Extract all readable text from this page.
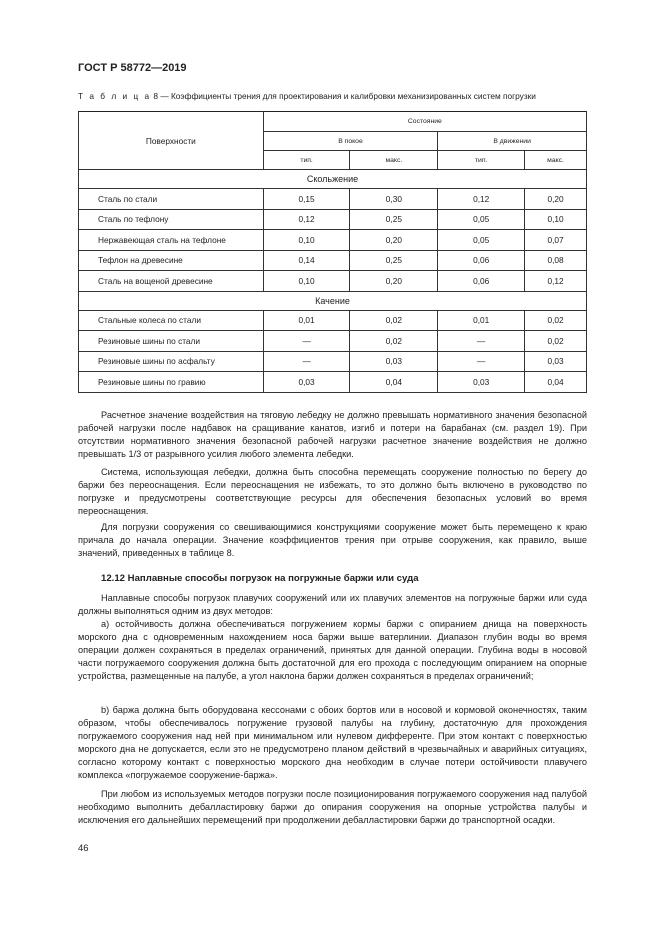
ГОСТ Р 58772—2019
Т а б л и ц а 8 — Коэффициенты трения для проектирования и калибровки механизированных систем погрузки
Поверхности	Состояние			
	В покое		В движении	
	тип.	макс.	тип.	макс.
Скольжение				
Сталь по стали	0,15	0,30	0,12	0,20
Сталь по тефлону	0,12	0,25	0,05	0,10
Нержавеющая сталь на тефлоне	0,10	0,20	0,05	0,07
Тефлон на древесине	0,14	0,25	0,06	0,08
Сталь на вощеной древесине	0,10	0,20	0,06	0,12
Качение				
Стальные колеса по стали	0,01	0,02	0,01	0,02
Резиновые шины по стали	—	0,02	—	0,02
Резиновые шины по асфальту	—	0,03	—	0,03
Резиновые шины по гравию	0,03	0,04	0,03	0,04

Расчетное значение воздействия на тяговую лебедку не должно превышать нормативного значения безопасной рабочей нагрузки после надбавок на сращивание канатов, изгиб и потери на барабанах (см. раздел 19). При отсутствии нормативного значения безопасной рабочей нагрузки расчетное значение воздействия не должно превышать 1/3 от разрывного усилия любого элемента лебедки.

Система, использующая лебедки, должна быть способна перемещать сооружение полностью по берегу до баржи без переоснащения. Если переоснащения не избежать, то это должно быть включено в руководство по погрузке и предусмотрены соответствующие ресурсы для обеспечения безопасных условий во время переоснащения.

Для погрузки сооружения со свешивающимися конструкциями сооружение может быть перемещено к краю причала до начала операции. Значение коэффициентов трения при отрыве сооружения, как правило, выше значений, приведенных в таблице 8.

12.12 Наплавные способы погрузок на погружные баржи или суда

Наплавные способы погрузок плавучих сооружений или их плавучих элементов на погружные баржи или суда должны выполняться одним из двух методов:

a) остойчивость должна обеспечиваться погружением кормы баржи с опиранием днища на поверхность морского дна с одновременным нахождением носа баржи выше ватерлинии. Диапазон глубин воды во время операции должен сохраняться в пределах ограничений, принятых для данной операции. Глубина воды в носовой части погружаемого сооружения должна быть достаточной для его прохода с последующим опиранием на опорные устройства, размещенные на палубе, а угол наклона баржи должен сохраняться в пределах ограничений;

b) баржа должна быть оборудована кессонами с обоих бортов или в носовой и кормовой оконечностях, таким образом, чтобы обеспечивалось погружение грузовой палубы на глубину, достаточную для прохождения погружаемого сооружения над ней при минимальном или нулевом дифференте. При этом контакт с поверхностью морского дна не допускается, если это не предусмотрено планом действий в чрезвычайных и аварийных ситуациях, согласно которому контакт с поверхностью морского дна необходим в случае потери остойчивости плавучего комплекса «погружаемое сооружение-баржа».

При любом из используемых методов погрузки после позиционирования погружаемого сооружения над палубой необходимо выполнить дебалластировку баржи до опирания сооружения на опорные устройства палубы и исключения его дальнейших перемещений при продолжении дебалластировки баржи до транспортной осадки.

46
